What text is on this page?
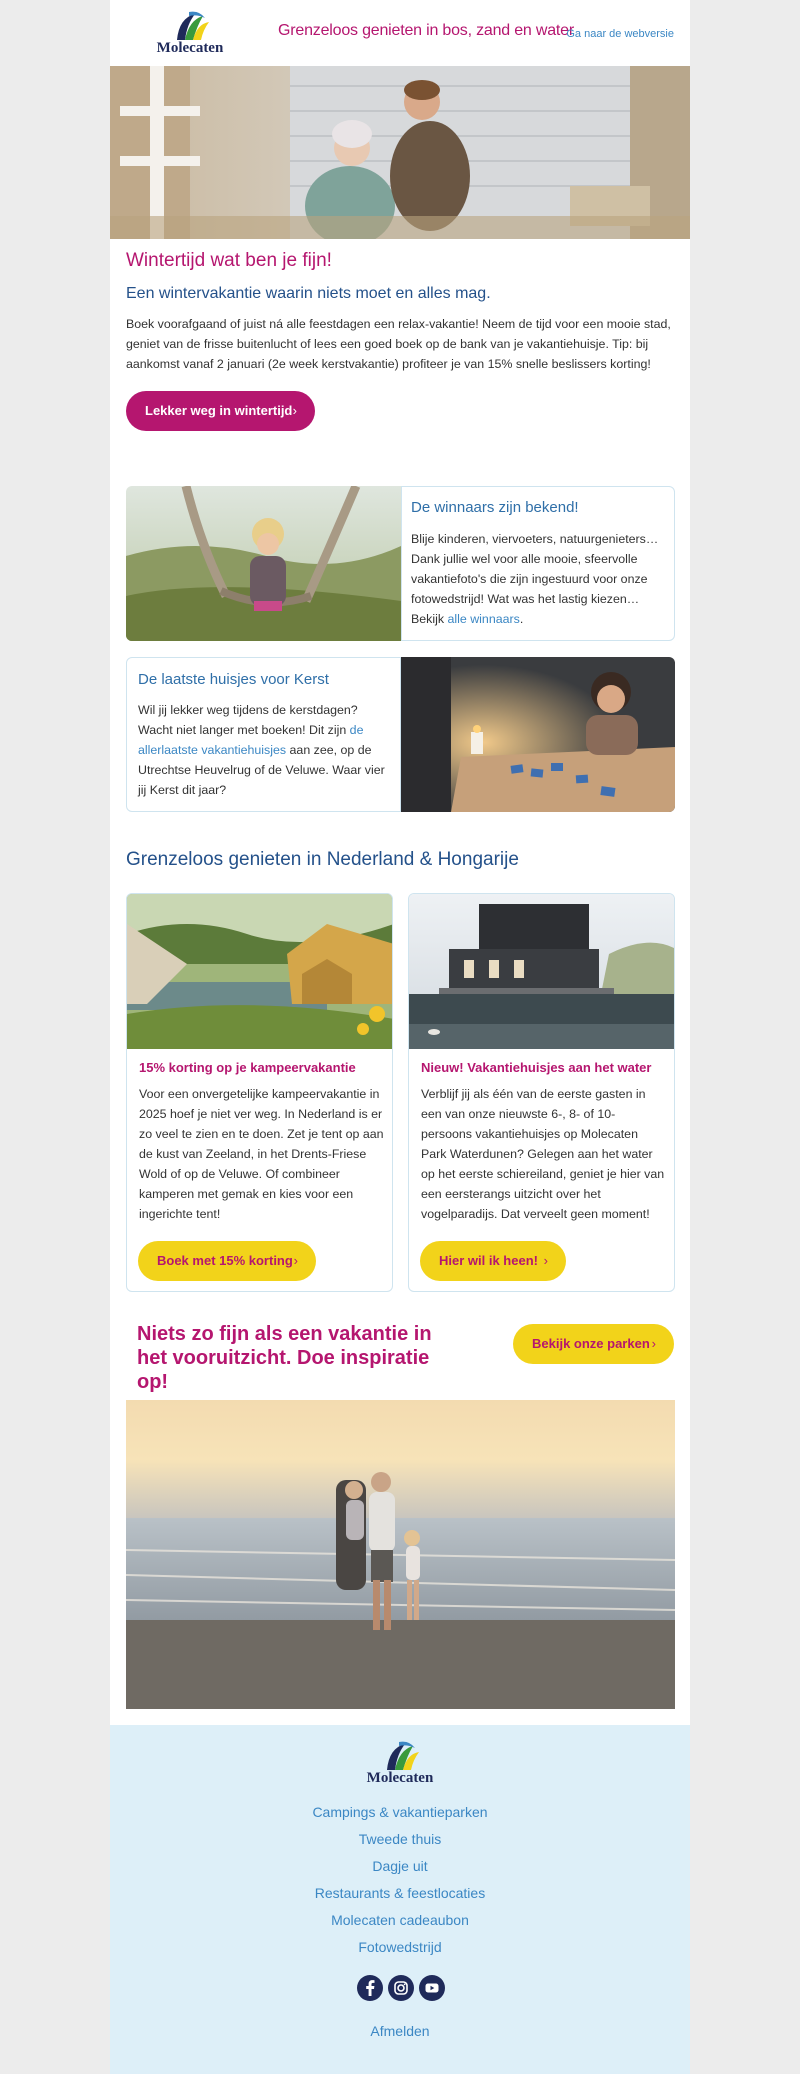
Molecaten
Grenzeloos genieten in bos, zand en water
Ga naar de webversie
Wintertijd wat ben je fijn!
Een wintervakantie waarin niets moet en alles mag.
Boek voorafgaand of juist ná alle feestdagen een relax-vakantie! Neem de tijd voor een mooie stad, geniet van de frisse buitenlucht of lees een goed boek op de bank van je vakantiehuisje. Tip: bij aankomst vanaf 2 januari (2e week kerstvakantie) profiteer je van 15% snelle beslissers korting!
Lekker weg in wintertijd ›
De winnaars zijn bekend!
Blije kinderen, viervoeters, natuurgenieters… Dank jullie wel voor alle mooie, sfeervolle vakantiefoto's die zijn ingestuurd voor onze fotowedstrijd! Wat was het lastig kiezen… Bekijk alle winnaars.
De laatste huisjes voor Kerst
Wil jij lekker weg tijdens de kerstdagen? Wacht niet langer met boeken! Dit zijn de allerlaatste vakantiehuisjes aan zee, op de Utrechtse Heuvelrug of de Veluwe. Waar vier jij Kerst dit jaar?
Grenzeloos genieten in Nederland & Hongarije
15% korting op je kampeervakantie
Voor een onvergetelijke kampeervakantie in 2025 hoef je niet ver weg. In Nederland is er zo veel te zien en te doen. Zet je tent op aan de kust van Zeeland, in het Drents-Friese Wold of op de Veluwe. Of combineer kamperen met gemak en kies voor een ingerichte tent!
Boek met 15% korting ›
Nieuw! Vakantiehuisjes aan het water
Verblijf jij als één van de eerste gasten in een van onze nieuwste 6-, 8- of 10-persoons vakantiehuisjes op Molecaten Park Waterdunen? Gelegen aan het water op het eerste schiereiland, geniet je hier van een eersterangs uitzicht over het vogelparadijs. Dat verveelt geen moment!
Hier wil ik heen! ›
Niets zo fijn als een vakantie in het vooruitzicht. Doe inspiratie op!
Bekijk onze parken ›
Molecaten
Campings & vakantieparken
Tweede thuis
Dagje uit
Restaurants & feestlocaties
Molecaten cadeaubon
Fotowedstrijd
Afmelden
